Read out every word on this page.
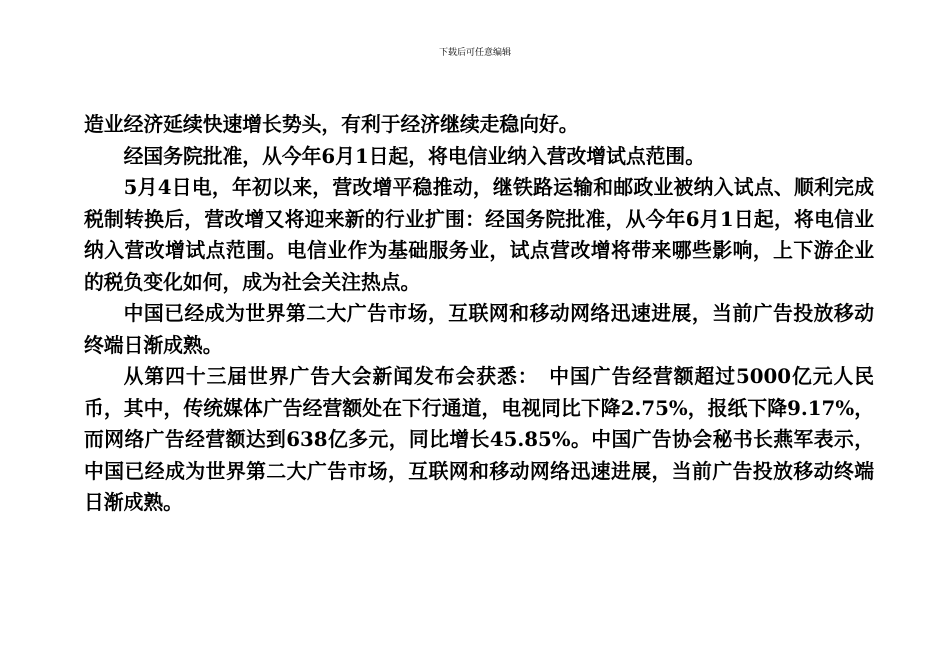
下载后可任意编辑

造业经济延续快速增长势头，有利于经济继续走稳向好。

经国务院批准，从今年6月1日起，将电信业纳入营改增试点范围。

5月4日电，年初以来，营改增平稳推动，继铁路运输和邮政业被纳入试点、顺利完成税制转换后，营改增又将迎来新的行业扩围：经国务院批准，从今年6月1日起，将电信业纳入营改增试点范围。电信业作为基础服务业，试点营改增将带来哪些影响，上下游企业的税负变化如何，成为社会关注热点。

中国已经成为世界第二大广告市场，互联网和移动网络迅速进展，当前广告投放移动终端日渐成熟。

从第四十三届世界广告大会新闻发布会获悉：　中国广告经营额超过5000亿元人民币，其中，传统媒体广告经营额处在下行通道，电视同比下降2.75%，报纸下降9.17%，而网络广告经营额达到638亿多元，同比增长45.85%。中国广告协会秘书长燕军表示，中国已经成为世界第二大广告市场，互联网和移动网络迅速进展，当前广告投放移动终端日渐成熟。
